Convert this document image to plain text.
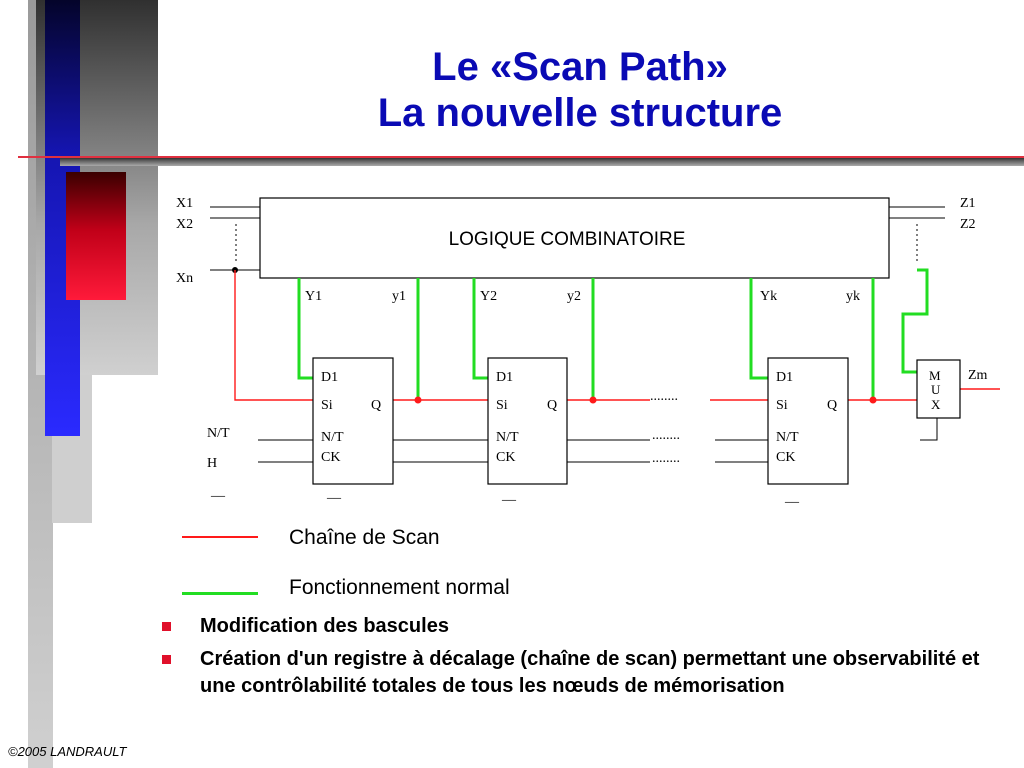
Le «Scan Path»
La nouvelle structure
LOGIQUE COMBINATOIRE
X1
X2
Xn
Z1
Z2
Y1	y1	Y2	y2	Yk	yk
D1
Si	Q
N/T
CK
D1
Si	Q
N/T
CK
D1
Si	Q
N/T
CK
........
........
........
N/T
H
__	__	__	__
M
U
X
Zm
Chaîne de Scan
Fonctionnement normal
Modification des bascules
Création d'un registre à décalage (chaîne de scan) permettant une observabilité et une contrôlabilité totales de tous les nœuds de mémorisation
©2005 LANDRAULT
